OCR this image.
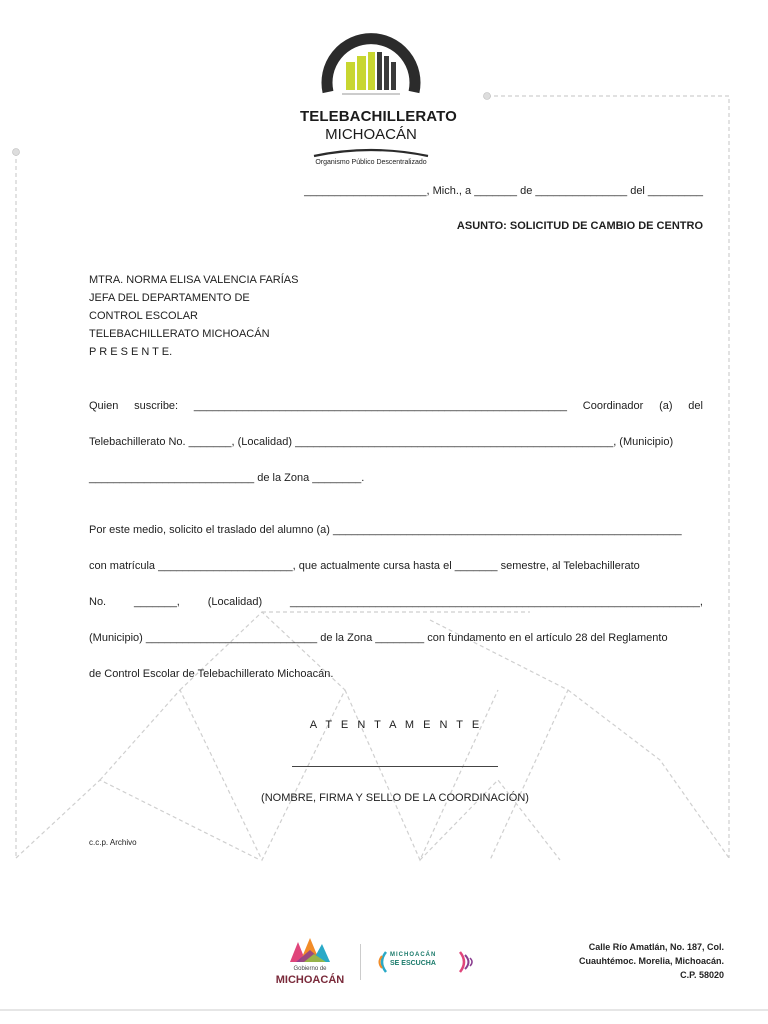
TELEBACHILLERATO
MICHOACÁN
Organismo Público Descentralizado
____________________, Mich., a _______ de _______________ del _________
ASUNTO: SOLICITUD DE CAMBIO DE CENTRO
MTRA. NORMA ELISA VALENCIA FARÍAS
JEFA DEL DEPARTAMENTO DE
CONTROL ESCOLAR
TELEBACHILLERATO MICHOACÁN
P R E S E N T E.
Quien suscribe: _____________________________________________________________ Coordinador (a) del
Telebachillerato No. _______, (Localidad) ____________________________________________________, (Municipio)
___________________________ de la Zona ________.
Por este medio, solicito el traslado del alumno (a) _________________________________________________________
con matrícula ______________________, que actualmente cursa hasta el _______ semestre, al Telebachillerato
No.	_______,	(Localidad)	___________________________________________________________________,
(Municipio) ____________________________ de la Zona ________ con fundamento en el artículo 28 del Reglamento
de Control Escolar de Telebachillerato Michoacán.
A T E N T A M E N T E
(NOMBRE, FIRMA Y SELLO DE LA COORDINACIÓN)
c.c.p. Archivo
Gobierno de
MICHOACÁN
MICHOACÁN
SE ESCUCHA
Calle Río Amatlán, No. 187, Col.
Cuauhtémoc. Morelia, Michoacán.
C.P. 58020
